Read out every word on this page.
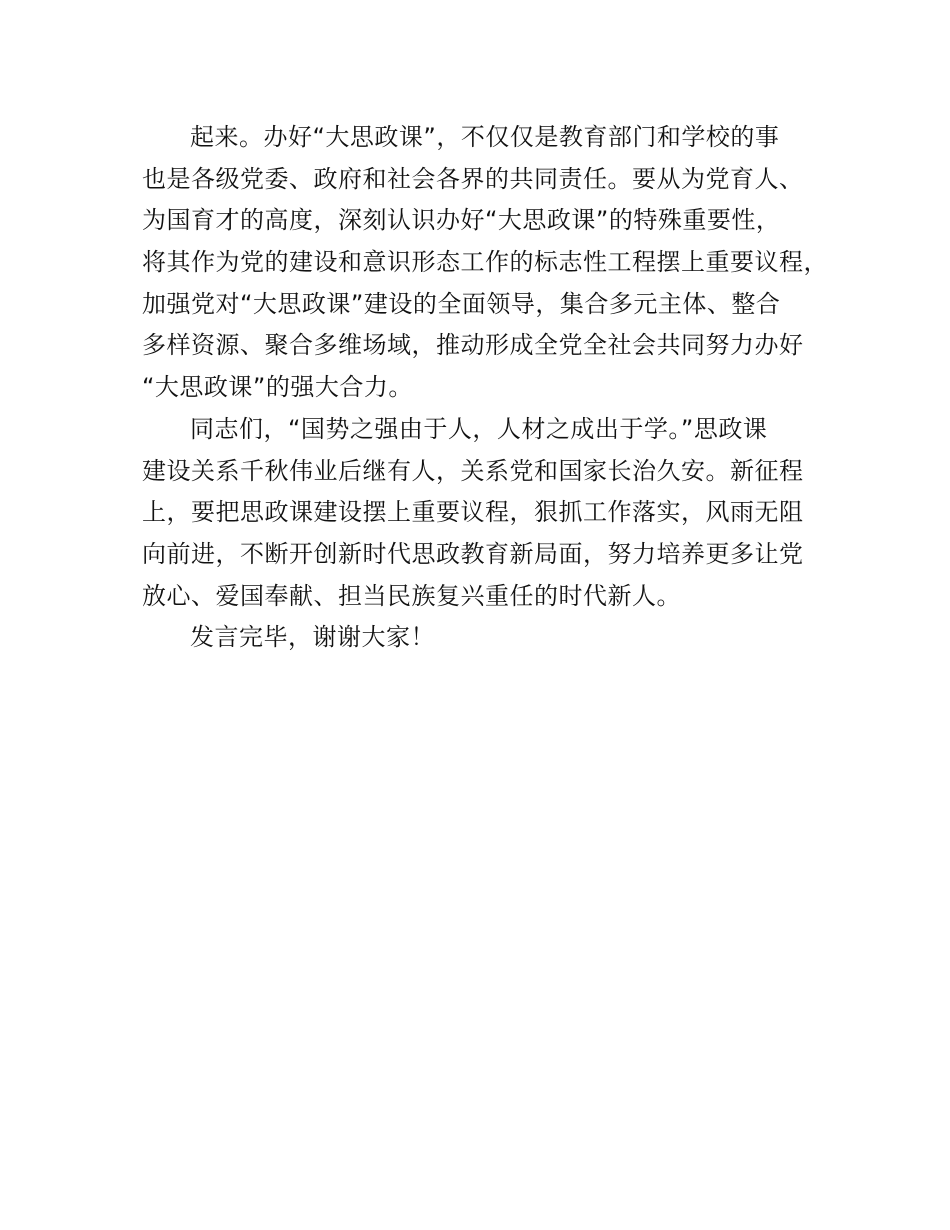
起来。办好“大思政课”，不仅仅是教育部门和学校的事
也是各级党委、政府和社会各界的共同责任。要从为党育人、
为国育才的高度，深刻认识办好“大思政课”的特殊重要性，
将其作为党的建设和意识形态工作的标志性工程摆上重要议程，
加强党对“大思政课”建设的全面领导，集合多元主体、整合
多样资源、聚合多维场域，推动形成全党全社会共同努力办好
“大思政课”的强大合力。
同志们，“国势之强由于人，人材之成出于学。”思政课
建设关系千秋伟业后继有人，关系党和国家长治久安。新征程
上，要把思政课建设摆上重要议程，狠抓工作落实，风雨无阻
向前进，不断开创新时代思政教育新局面，努力培养更多让党
放心、爱国奉献、担当民族复兴重任的时代新人。
发言完毕，谢谢大家！
